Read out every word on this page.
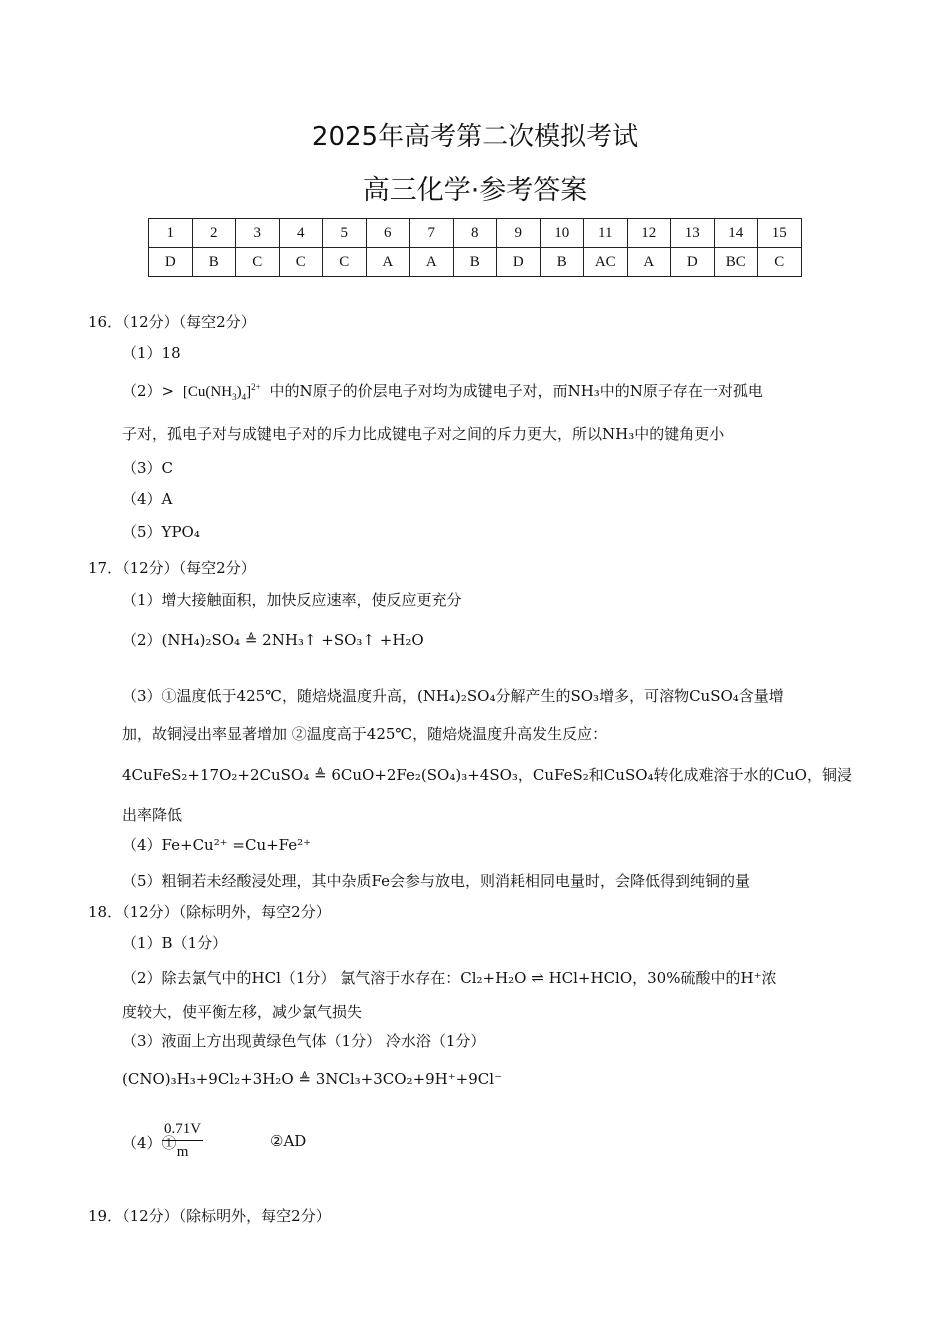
2025年高考第二次模拟考试
高三化学·参考答案
1	2	3	4	5	6	7	8	9	10	11	12	13	14	15
D	B	C	C	C	A	A	B	D	B	AC	A	D	BC	C
16．（12分）（每空2分）
（1）18
$(2)> [Cu(NH_3)_4]^{2+}$ 中的N原子的价层电子对均为成键电子对，而NH₃中的N原子存在一对孤电
子对，孤电子对与成键电子对的斥力比成键电子对之间的斥力更大，所以NH₃中的键角更小
（3）C
（4）A
（5）YPO₄
17．（12分）（每空2分）
（1）增大接触面积，加快反应速率，使反应更充分
（2）(NH₄)₂SO₄ ≜ 2NH₃↑ +SO₃↑ +H₂O
（3）①温度低于425℃，随焙烧温度升高，(NH₄)₂SO₄分解产生的SO₃增多，可溶物CuSO₄含量增
加，故铜浸出率显著增加 ②温度高于425℃，随焙烧温度升高发生反应：
4CuFeS₂+17O₂+2CuSO₄ ≜ 6CuO+2Fe₂(SO₄)₃+4SO₃，CuFeS₂和CuSO₄转化成难溶于水的CuO，铜浸
出率降低
（4）Fe+Cu²⁺ =Cu+Fe²⁺
（5）粗铜若未经酸浸处理，其中杂质Fe会参与放电，则消耗相同电量时，会降低得到纯铜的量
18．（12分）（除标明外，每空2分）
（1）B（1分）
（2）除去氯气中的HCl（1分） 氯气溶于水存在：Cl₂+H₂O ⇌ HCl+HClO，30%硫酸中的H⁺浓
度较大，使平衡左移，减少氯气损失
（3）液面上方出现黄绿色气体（1分） 冷水浴（1分）
(CNO)₃H₃+9Cl₂+3H₂O ≜ 3NCl₃+3CO₂+9H⁺+9Cl⁻
（4）①
$\frac{0.71V}{m}$	②AD
19．（12分）（除标明外，每空2分）
